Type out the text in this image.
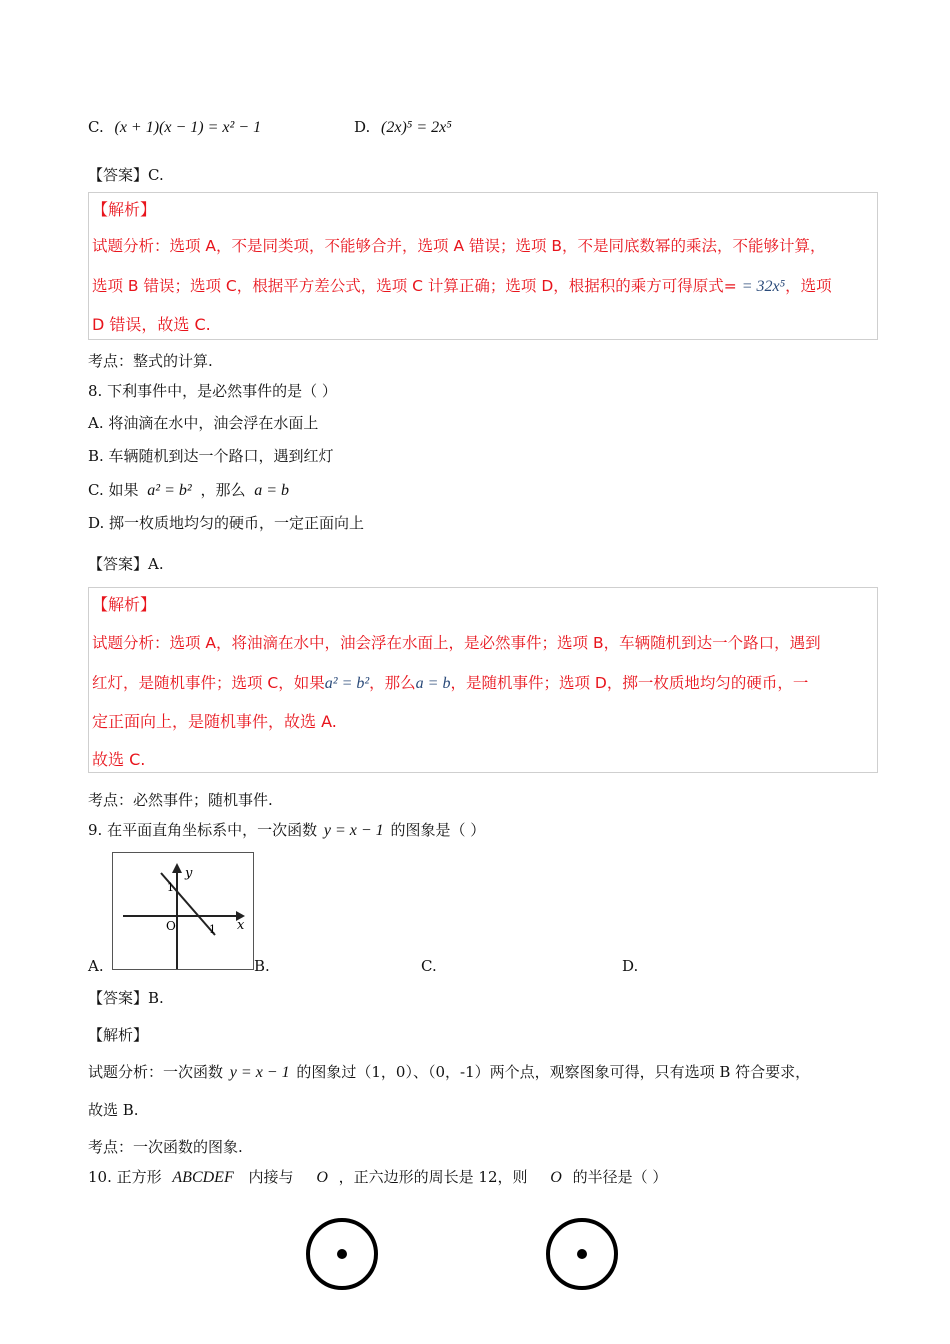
C. (x + 1)(x − 1) = x² − 1	D. (2x)⁵ = 2x⁵
【答案】C.
【解析】
试题分析：选项 A，不是同类项，不能够合并，选项 A 错误；选项 B，不是同底数幂的乘法，不能够计算，
选项 B 错误；选项 C，根据平方差公式，选项 C 计算正确；选项 D，根据积的乘方可得原式= = 32x⁵，选项
D 错误，故选 C.
考点：整式的计算.
8. 下利事件中，是必然事件的是（ ）
A. 将油滴在水中，油会浮在水面上
B. 车辆随机到达一个路口，遇到红灯
C. 如果 a² = b² ，那么 a = b
D. 掷一枚质地均匀的硬币，一定正面向上
【答案】A.
【解析】
试题分析：选项 A，将油滴在水中，油会浮在水面上，是必然事件；选项 B，车辆随机到达一个路口，遇到
红灯，是随机事件；选项 C，如果a² = b²，那么a = b，是随机事件；选项 D，掷一枚质地均匀的硬币，一
定正面向上，是随机事件，故选 A.
故选 C.
考点：必然事件；随机事件.
9. 在平面直角坐标系中，一次函数 y = x − 1 的图象是（ ）
y
x
O
1
1
A.	B.	C.	D.
【答案】B.
【解析】
试题分析：一次函数 y = x − 1 的图象过（1，0）、（0，-1）两个点，观察图象可得，只有选项 B 符合要求，
故选 B.
考点：一次函数的图象.
10. 正方形 ABCDEF 内接与 O ，正六边形的周长是 12，则 O 的半径是（ ）
